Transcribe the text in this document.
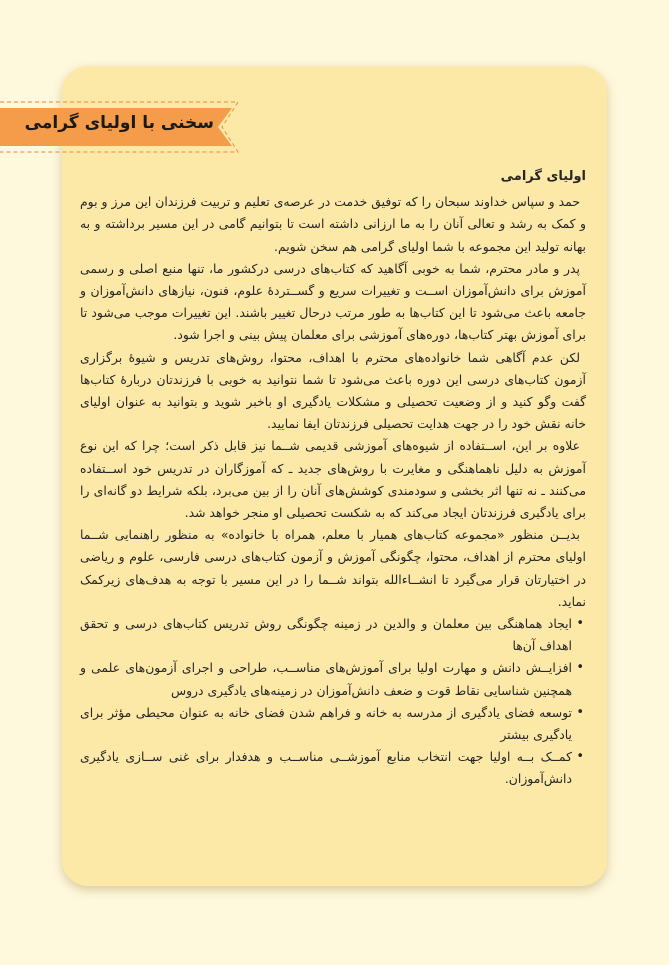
سخنی با اولیای گرامی

اولیای گرامی

حمد و سپاس خداوند سبحان را که توفیق خدمت در عرصه‌ی تعلیم و تربیت فرزندان این مرز و بوم و کمک به رشد و تعالی آنان را به ما ارزانی داشته است تا بتوانیم گامی در این مسیر برداشته و به بهانه تولید این مجموعه با شما اولیای گرامی هم سخن شویم.

پدر و مادر محترم، شما به خوبی آگاهید که کتاب‌های درسی درکشور ما، تنها منبع اصلی و رسمی آموزش برای دانش‌آموزان اســت و تغییرات سریع و گســتردهٔ علوم، فنون، نیازهای دانش‌آموزان و جامعه باعث می‌شود تا این کتاب‌ها به طور مرتب درحال تغییر باشند. این تغییرات موجب می‌شود تا برای آموزش بهتر کتاب‌ها، دوره‌های آموزشی برای معلمان پیش بینی و اجرا شود.

لکن عدم آگاهی شما خانواده‌های محترم با اهداف، محتوا، روش‌های تدریس و شیوهٔ برگزاری آزمون کتاب‌های درسی این دوره باعث می‌شود تا شما نتوانید به خوبی با فرزندتان دربارهٔ کتاب‌ها گفت وگو کنید و از وضعیت تحصیلی و مشکلات یادگیری او باخبر شوید و بتوانید به عنوان اولیای خانه نقش خود را در جهت هدایت تحصیلی فرزندتان ایفا نمایید.

علاوه بر این، اســتفاده از شیوه‌های آموزشی قدیمی شــما نیز قابل ذکر است؛ چرا که این نوع آموزش به دلیل ناهماهنگی و مغایرت با روش‌های جدید ـ که آموزگاران در تدریس خود اســتفاده می‌کنند ـ نه تنها اثر بخشی و سودمندی کوشش‌های آنان را از بین می‌برد، بلکه شرایط دو گانه‌ای را برای یادگیری فرزندتان ایجاد می‌کند که به شکست تحصیلی او منجر خواهد شد.

بدیــن منظور «مجموعه کتاب‌های همیار با معلم، همراه با خانواده» به منظور راهنمایی شــما اولیای محترم از اهداف، محتوا، چگونگی آموزش و آزمون کتاب‌های درسی فارسی، علوم و ریاضی در اختیارتان قرار می‌گیرد تا انشــاءالله بتواند شــما را در این مسیر با توجه به هدف‌های زیرکمک نماید.

•
ایجاد هماهنگی بین معلمان و والدین در زمینه چگونگی روش تدریس کتاب‌های درسی و تحقق اهداف آن‌ها
•
افزایــش دانش و مهارت اولیا برای آموزش‌های مناســب، طراحی و اجرای آزمون‌های علمی و همچنین شناسایی نقاط قوت و ضعف دانش‌آموزان در زمینه‌های یادگیری دروس
•
توسعه فضای یادگیری از مدرسه به خانه و فراهم شدن فضای خانه به عنوان محیطی مؤثر برای یادگیری بیشتر
•
کمــک بــه اولیا جهت انتخاب منابع آموزشــی مناســب و هدفدار برای غنی ســازی یادگیری دانش‌آموزان.
